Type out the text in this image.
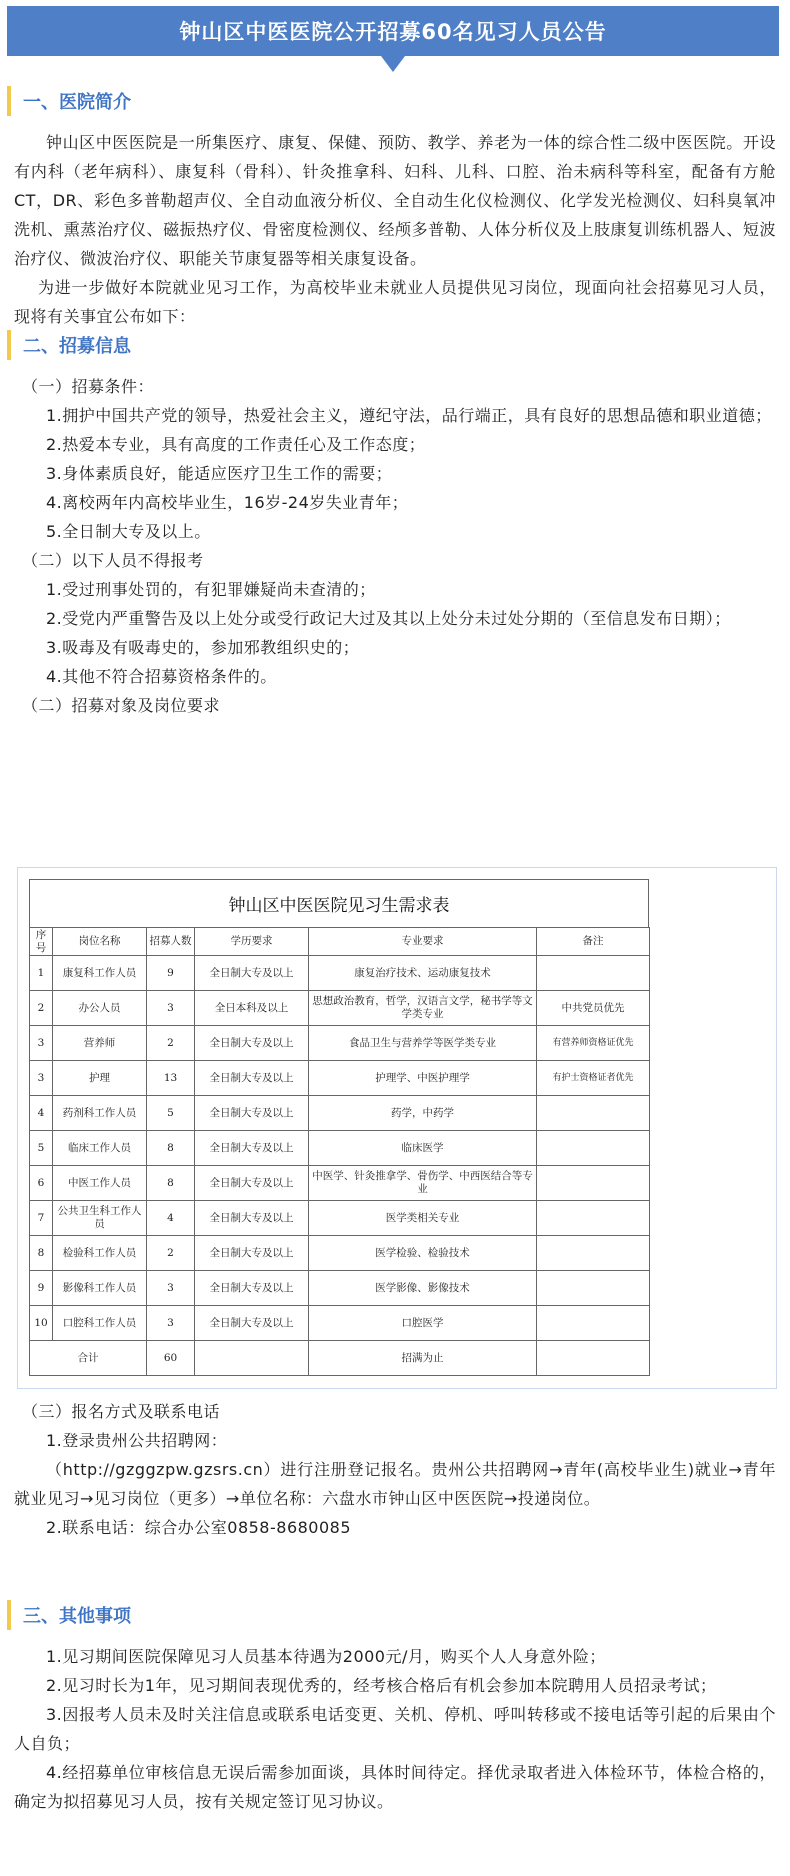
钟山区中医医院公开招募60名见习人员公告
一、医院简介

钟山区中医医院是一所集医疗、康复、保健、预防、教学、养老为一体的综合性二级中医医院。开设有内科（老年病科）、康复科（骨科）、针灸推拿科、妇科、儿科、口腔、治未病科等科室，配备有方舱CT，DR、彩色多普勒超声仪、全自动血液分析仪、全自动生化仪检测仪、化学发光检测仪、妇科臭氧冲洗机、熏蒸治疗仪、磁振热疗仪、骨密度检测仪、经颅多普勒、人体分析仪及上肢康复训练机器人、短波治疗仪、微波治疗仪、职能关节康复器等相关康复设备。

为进一步做好本院就业见习工作，为高校毕业未就业人员提供见习岗位，现面向社会招募见习人员，现将有关事宜公布如下：

二、招募信息

（一）招募条件：

1.拥护中国共产党的领导，热爱社会主义，遵纪守法，品行端正，具有良好的思想品德和职业道德；

2.热爱本专业，具有高度的工作责任心及工作态度；

3.身体素质良好，能适应医疗卫生工作的需要；

4.离校两年内高校毕业生，16岁-24岁失业青年；

5.全日制大专及以上。

（二）以下人员不得报考

1.受过刑事处罚的，有犯罪嫌疑尚未查清的；

2.受党内严重警告及以上处分或受行政记大过及其以上处分未过处分期的（至信息发布日期）；

3.吸毒及有吸毒史的，参加邪教组织史的；

4.其他不符合招募资格条件的。

（二）招募对象及岗位要求

钟山区中医医院见习生需求表
序号	岗位名称	招募人数	学历要求	专业要求	备注
1	康复科工作人员	9	全日制大专及以上	康复治疗技术、运动康复技术	
2	办公人员	3	全日本科及以上	思想政治教育，哲学，汉语言文学，秘书学等文学类专业	中共党员优先
3	营养师	2	全日制大专及以上	食品卫生与营养学等医学类专业	有营养师资格证优先
3	护理	13	全日制大专及以上	护理学、中医护理学	有护士资格证者优先
4	药剂科工作人员	5	全日制大专及以上	药学，中药学	
5	临床工作人员	8	全日制大专及以上	临床医学	
6	中医工作人员	8	全日制大专及以上	中医学、针灸推拿学、骨伤学、中西医结合等专业	
7	公共卫生科工作人员	4	全日制大专及以上	医学类相关专业	
8	检验科工作人员	2	全日制大专及以上	医学检验、检验技术	
9	影像科工作人员	3	全日制大专及以上	医学影像、影像技术	
10	口腔科工作人员	3	全日制大专及以上	口腔医学	
合计		60		招满为止	

（三）报名方式及联系电话

1.登录贵州公共招聘网：

（http://gzggzpw.gzsrs.cn）进行注册登记报名。贵州公共招聘网→青年(高校毕业生)就业→青年就业见习→见习岗位（更多）→单位名称：六盘水市钟山区中医医院→投递岗位。

2.联系电话：综合办公室0858-8680085

三、其他事项

1.见习期间医院保障见习人员基本待遇为2000元/月，购买个人人身意外险；

2.见习时长为1年，见习期间表现优秀的，经考核合格后有机会参加本院聘用人员招录考试；

3.因报考人员未及时关注信息或联系电话变更、关机、停机、呼叫转移或不接电话等引起的后果由个人自负；

4.经招募单位审核信息无误后需参加面谈，具体时间待定。择优录取者进入体检环节，体检合格的，确定为拟招募见习人员，按有关规定签订见习协议。
